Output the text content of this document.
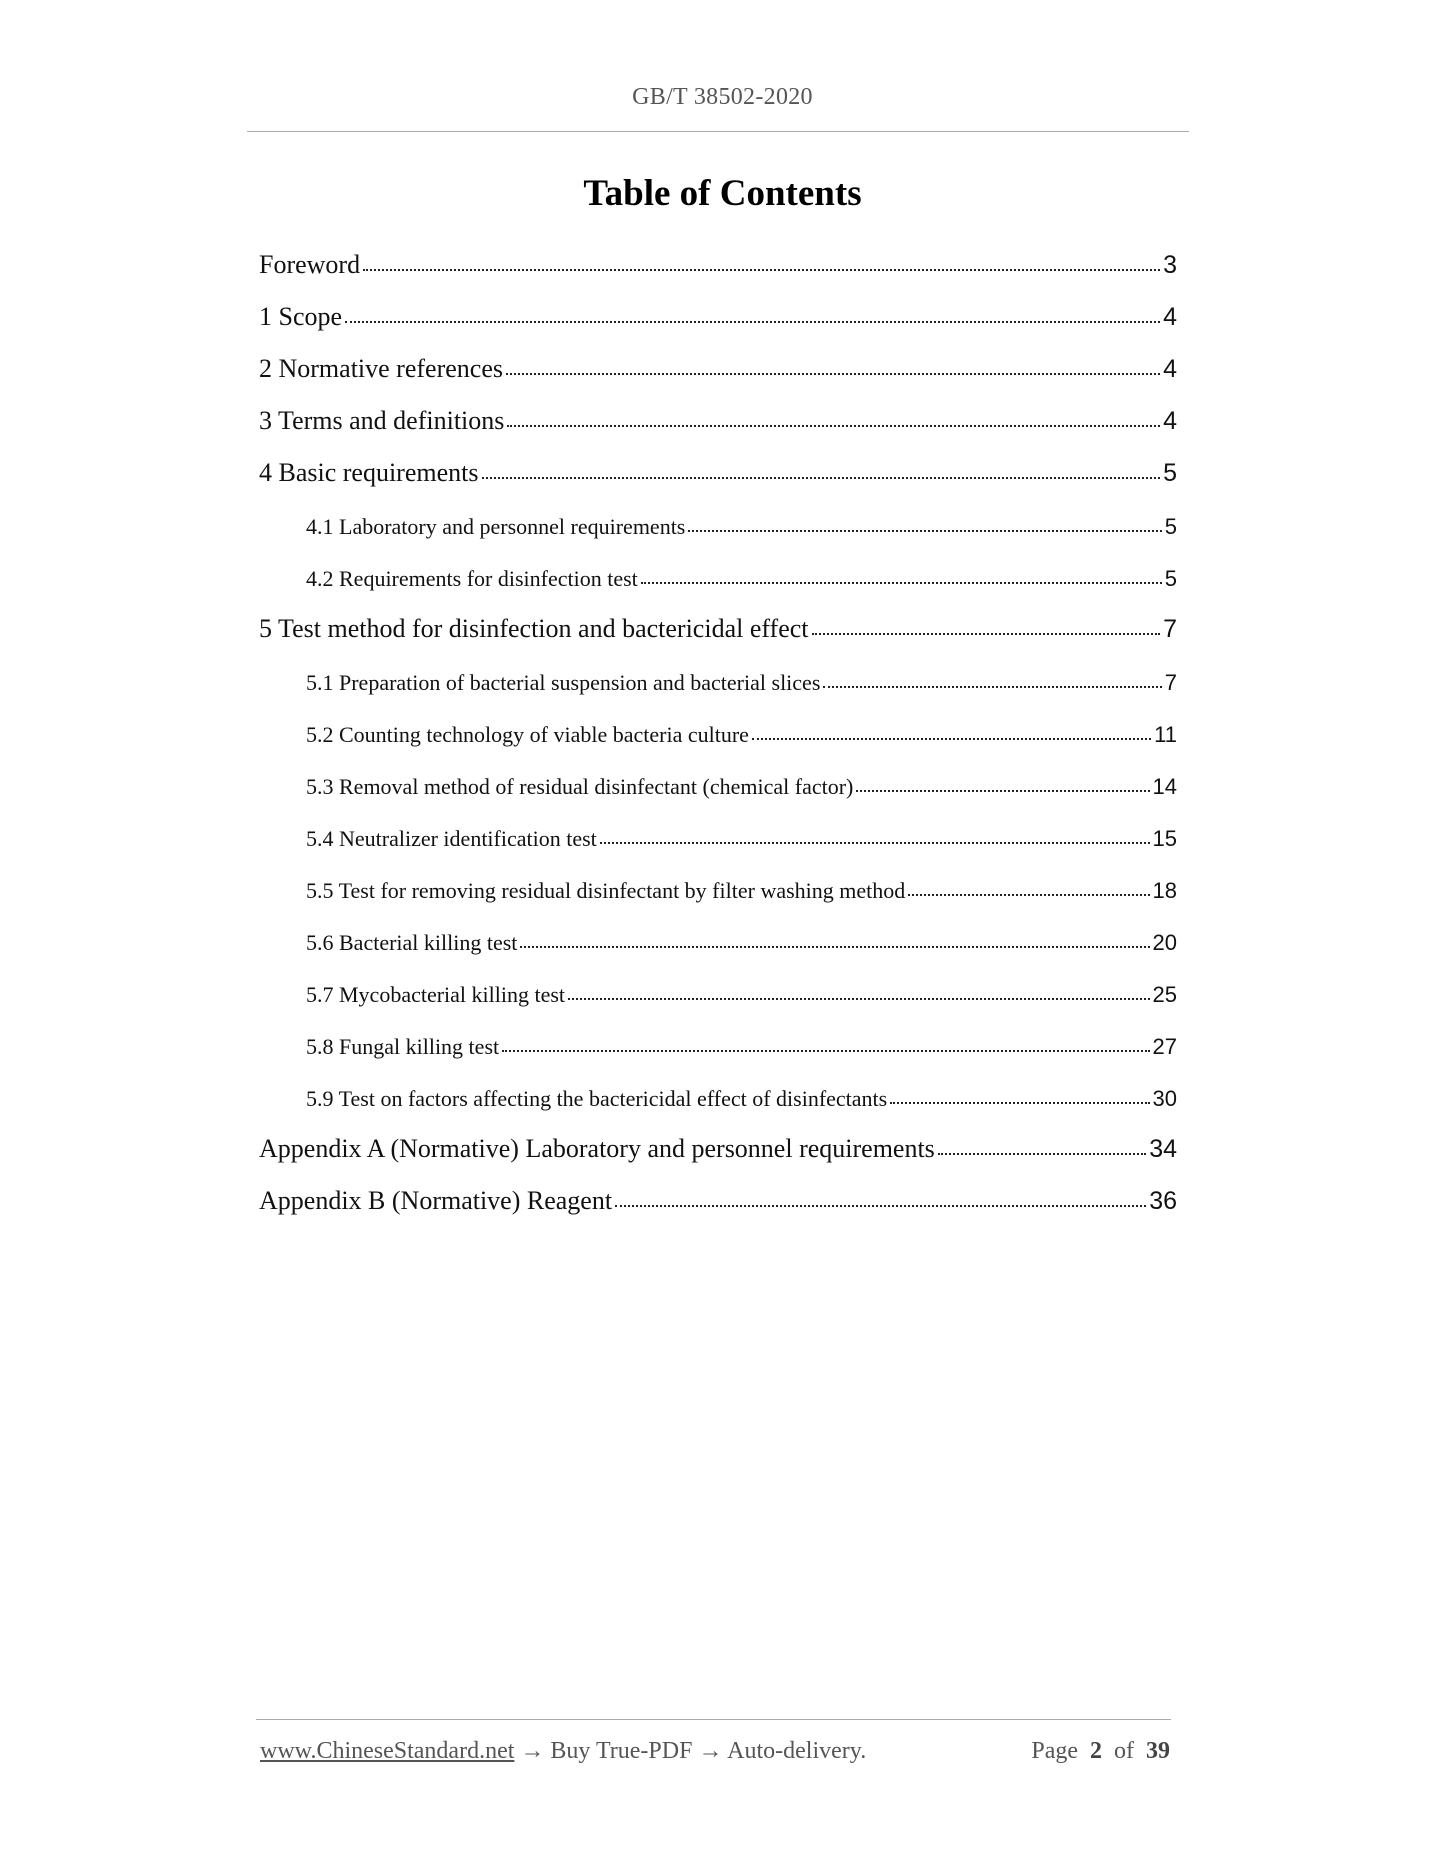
GB/T 38502-2020
Table of Contents
Foreword	3
1 Scope	4
2 Normative references	4
3 Terms and definitions	4
4 Basic requirements	5
4.1 Laboratory and personnel requirements	5
4.2 Requirements for disinfection test	5
5 Test method for disinfection and bactericidal effect	7
5.1 Preparation of bacterial suspension and bacterial slices	7
5.2 Counting technology of viable bacteria culture	11
5.3 Removal method of residual disinfectant (chemical factor)	14
5.4 Neutralizer identification test	15
5.5 Test for removing residual disinfectant by filter washing method	18
5.6 Bacterial killing test	20
5.7 Mycobacterial killing test	25
5.8 Fungal killing test	27
5.9 Test on factors affecting the bactericidal effect of disinfectants	30
Appendix A (Normative) Laboratory and personnel requirements	34
Appendix B (Normative) Reagent	36
www.ChineseStandard.net → Buy True-PDF → Auto-delivery.	Page 2 of 39
